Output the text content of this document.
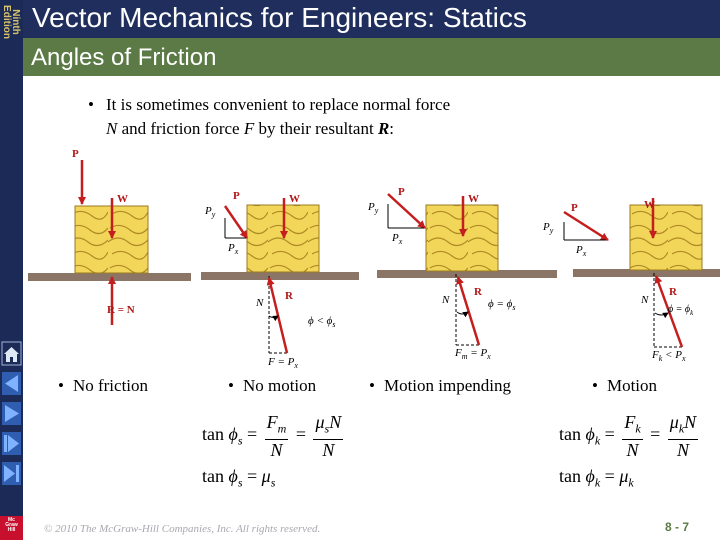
Ninth
Edition
Mc
Graw
Hill
Vector Mechanics for Engineers: Statics
Angles of Friction
• It is sometimes convenient to replace normal force

N and friction force F by their resultant R:

P
W
R = N
P
$P_y$
$P_x$
W
N
R
$\phi < \phi_s$
$F = P_x$
P
$P_y$
$P_x$
W
N
R
$\phi = \phi_s$
$F_m = P_x$
P
$P_y$
$P_x$
W
N
R
$\phi = \phi_k$
$F_k < P_x$
• No friction	• No motion	• Motion impending	• Motion
$\tan \phi_s = \frac{F_m}{N} = \frac{\mu_sN}{N}$
$\tan \phi_s = \mu_s$
$\tan \phi_k = \frac{F_k}{N} = \frac{\mu_kN}{N}$
$\tan \phi_k = \mu_k$
© 2010 The McGraw-Hill Companies, Inc. All rights reserved.	8 - 7
